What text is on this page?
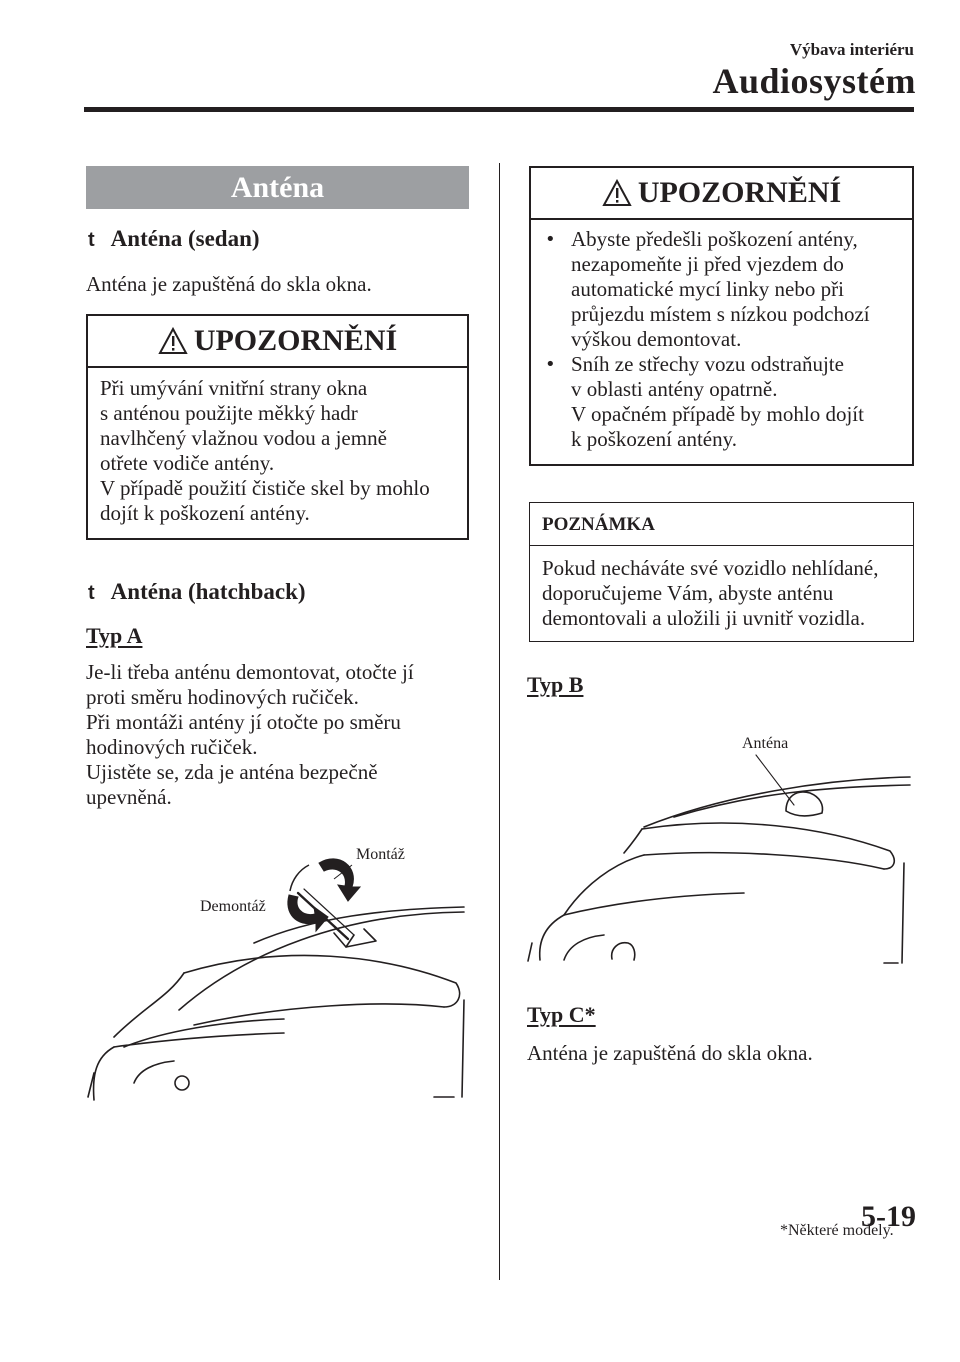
Výbava interiéru
Audiosystém
Anténa
t Anténa (sedan)
Anténa je zapuštěná do skla okna.
UPOZORNĚNÍ
Při umývání vnitřní strany okna
s anténou použijte měkký hadr
navlhčený vlažnou vodou a jemně
otřete vodiče antény.
V případě použití čističe skel by mohlo
dojít k poškození antény.
t Anténa (hatchback)
Typ A
Je-li třeba anténu demontovat, otočte jí
proti směru hodinových ručiček.
Při montáži antény jí otočte po směru
hodinových ručiček.
Ujistěte se, zda je anténa bezpečně
upevněná.
Montáž
Demontáž
UPOZORNĚNÍ
• Abyste předešli poškození antény,
nezapomeňte ji před vjezdem do
automatické mycí linky nebo při
průjezdu místem s nízkou podchozí
výškou demontovat.
• Sníh ze střechy vozu odstraňujte
v oblasti antény opatrně.
V opačném případě by mohlo dojít
k poškození antény.
POZNÁMKA
Pokud necháváte své vozidlo nehlídané,
doporučujeme Vám, abyste anténu
demontovali a uložili ji uvnitř vozidla.
Typ B
Anténa
Typ C*
Anténa je zapuštěná do skla okna.
*Některé modely.
5-19
